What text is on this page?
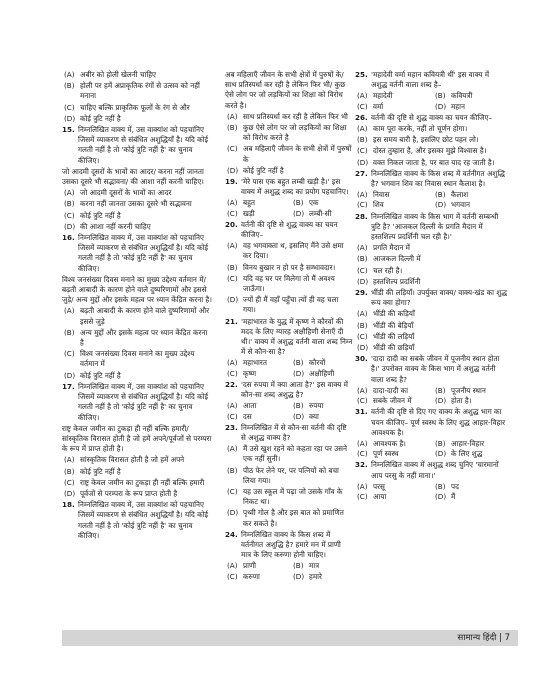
(A) अबीर को होली खेलनी चाहिए
(B) होली पर हमें अप्राकृतिक रंगों से उत्सव को नहीं मनाना
(C) चाहिए बल्कि प्राकृतिक फूलों के रंग से और
(D) कोई त्रुटि नहीं है
15. निम्नलिखित वाक्य में, उस वाक्यांश को पहचानिए जिसमें व्याकरण से संबंधित अशुद्धियाँ है। यदि कोई गलती नहीं है तो 'कोई त्रुटि नहीं है' का चुनाव कीजिए।
जो आदमी दूसरों के भावों का आदर/ करना नहीं जानता उसका दूसरे भी सद्भावना/ की आशा नहीं करनी चाहिए।
(A) जो आदमी दूसरों के भावों का आदर
(B) करना नहीं जानता उसका दूसरे भी सद्भावना
(C) कोई त्रुटि नहीं है
(D) की आशा नहीं करनी चाहिए
16. निम्नलिखित वाक्य में, उस वाक्यांश को पहचानिए जिसमें व्याकरण से संबंधित अशुद्धियाँ है। यदि कोई गलती नहीं है तो 'कोई त्रुटि नहीं है' का चुनाव कीजिए।
विश्व जनसंख्या दिवस मनाने का मुख्य उद्देश्य वर्तमान में/ बढ़ती आबादी के कारण होने वाले दुष्परिणामों और इससे जुड़े/ अन्य मुद्दों और इसके महत्व पर ध्यान केंद्रित करना है।
(A) बढ़ती आबादी के कारण होने वाले दुष्परिणामों और इससे जुड़े
(B) अन्य मुद्दों और इसके महत्व पर ध्यान केंद्रित करना है
(C) विश्व जनसंख्या दिवस मनाने का मुख्य उद्देश्य वर्तमान में
(D) कोई त्रुटि नहीं है
17. निम्नलिखित वाक्य में, उस वाक्यांश को पहचानिए जिसमें व्याकरण से संबंधित अशुद्धियाँ है। यदि कोई गलती नहीं है तो 'कोई त्रुटि नहीं है' का चुनाव कीजिए।
राष्ट्र केवल जमीन का टुकड़ा ही नहीं बल्कि हमारी/ सांस्कृतिक विरासत होती है जो हमें अपने/पूर्वजों से परम्परा के रूप में प्राप्त होती है।
(A) सांस्कृतिक विरासत होती है जो हमें अपने
(B) कोई त्रुटि नहीं है
(C) राष्ट्र केवल जमीन का टुकड़ा ही नहीं बल्कि हमारी
(D) पूर्वजों से परम्परा के रूप प्राप्त होती है
18. निम्नलिखित वाक्य में, उस वाक्यांश को पहचानिए जिसमें व्याकरण से संबंधित अशुद्धियाँ है। यदि कोई गलती नहीं है तो 'कोई त्रुटि नहीं है' का चुनाव कीजिए।
अब महिलाएँ जीवन के सभी क्षेत्रों में पुरुषों के/ साथ प्रतिस्पर्धा कर रही है लेकिन फिर भी/ कुछ ऐसे लोग पर जो लड़कियों का शिक्षा को विरोध करते है।
(A) साथ प्रतिस्पर्धा कर रही है लेकिन फिर भी
(B) कुछ ऐसे लोग पर जो लड़कियों का शिक्षा को विरोध करते है
(C) अब महिलाएँ जीवन के सभी क्षेत्रों में पुरुषों के
(D) कोई त्रुटि नहीं है
19. 'मेरे पास एक बहुत लम्बी खड़ी है।' इस वाक्य में अशुद्ध शब्द का प्रयोग पहचानिए।
(A) बहुत	(B) एक
(C) खड़ी	(D) लम्बी-सी
20. वर्तनी की दृष्टि से शुद्ध वाक्य का चयन कीजिए–
(A) वह भगवाक्ता थ, इसलिए मैंने उसे क्षमा कर दिया।
(B) विनय बुखार न हो पर है सम्भावदार।
(C) यदि वह घर पर मिलेगा तो मैं अवश्य जाऊँगा।
(D) ज्यों ही मैं वहाँ पहुँचा त्यों ही वह चला गया।
21. 'महाभारत के युद्ध में कृष्ण ने कौरवों की मदद के लिए ग्यारह अक्षौहिणी सेनाएँ दी थी।' वाक्य में अशुद्ध वर्तनी वाला शब्द निम्न में से कौन-सा है?
(A) महाभारत	(B) कौरवों
(C) कृष्ण	(D) अक्षौहिणी
22. 'दस रुपया में क्या आता है?' इस वाक्य में कौन-सा शब्द अशुद्ध है?
(A) आता	(B) रुपया
(C) दस	(D) क्या
23. निम्नलिखित में से कौन-सा वर्तनी की दृष्टि से अशुद्ध वाक्य है?
(A) मैं उसे खुश रहने को कहता रहा पर उसने एक नहीं सुनी।
(B) पीठ फेर लेने पर, पर पत्नियों को बचा लिया गया।
(C) यह उस स्कूल में पढ़ा जो उसके गाँव के निकट था।
(D) पृथ्वी गोल है और इस बात को प्रमाणित कर सकते है।
24. निम्नलिखित वाक्य के किस शब्द में वर्तनीगत अशुद्धि है? हमारे मन में प्राणी मात्र के लिए करुणा होनी चाहिए।
(A) प्राणी	(B) मात्र
(C) करुणा	(D) हमारे
25. 'महादेवी वर्मा महान कवियत्री थीं' इस वाक्य में अशुद्ध वर्तनी वाला शब्द है–
(A) महादेवी	(B) कवियत्री
(C) वर्मा	(D) महान
26. वर्तनी की दृष्टि से शुद्ध वाक्य का चयन कीजिए–
(A) काम पूरा करके, नहीं तो चूर्णन होगा।
(B) इस समय बारी है, इसलिए छोट पहन लो।
(C) दोस्त तुम्हारा है, और इसका मुझे विश्वास है।
(D) वक्त निकल जाता है, पर बात याद रह जाती है।
27. निम्नलिखित वाक्य के किस शब्द में वर्तनीगत अशुद्धि है? भगवान शिव का निवास स्थान कैलाश है।
(A) निवास	(B) कैलाश
(C) शिव	(D) भगवान
28. निम्नलिखित वाक्य के किस भाग में वर्तनी सम्बन्धी त्रुटि है? 'आजकल दिल्ली के प्रगति मैदान में हस्तशिल्प प्रदर्शिनी चल रही है।'
(A) प्रगति मैदान में
(B) आजकल दिल्ली में
(C) चल रही है।
(D) हस्तशिल्प प्रदर्शिनी
29. भींडी की लड़ियाँ। उपर्युक्त वाक्य/ वाक्य-खंड का शुद्ध रूप क्या होगा?
(A) भींडी की कड़ियाँ
(B) भींडी की बेड़ियाँ
(C) भींडी की लड़ियाँ
(D) भींडी की छड़ियाँ
30. 'दादा दादी का सबके जीवन में पूजनीय स्थान होता है।' उपरोक्त वाक्य के किस भाग में अशुद्ध वर्तनी वाला शब्द है?
(A) दादा-दादी का	(B) पूजनीय स्थान
(C) सबके जीवन में	(D) होता है।
31. वर्तनी की दृष्टि से दिए गए वाक्य के अशुद्ध भाग का चयन कीजिए– पूर्ण स्वस्थ के लिए शुद्ध आहार-विहार आवश्यक है।
(A) आवश्यक है।	(B) आहार-विहार
(C) पूर्ण स्वस्थ	(D) के लिए शुद्ध
32. निम्नलिखित वाक्य में अशुद्ध शब्द चुनिए 'चारमानों आप परसु के नहीं माना।'
(A) परसू	(B) पद
(C) आया	(D) मैं
सामान्य हिंदी | 7
